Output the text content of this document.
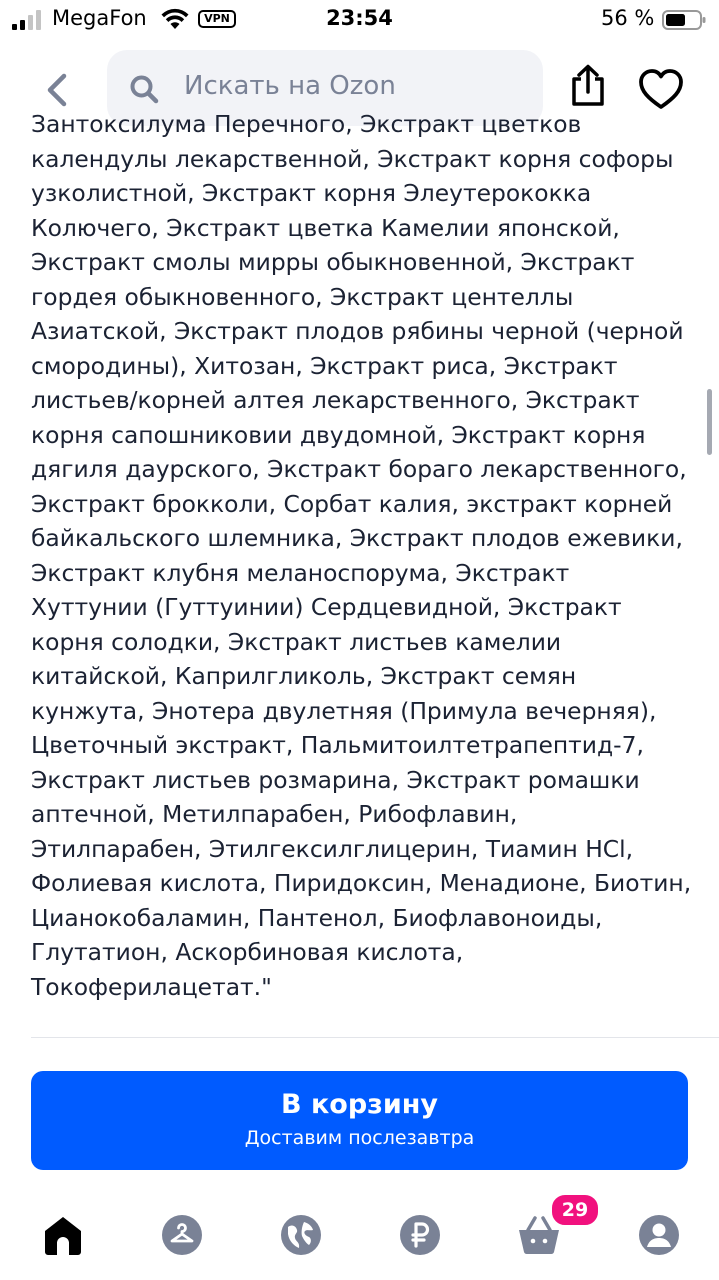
MegaFon	VPN	23:54	56 %
Искать на Ozon
Зантоксилума Перечного, Экстракт цветков календулы лекарственной, Экстракт корня софоры узколистной, Экстракт корня Элеутерококка Колючего, Экстракт цветка Камелии японской, Экстракт смолы мирры обыкновенной, Экстракт гордея обыкновенного, Экстракт центеллы Азиатской, Экстракт плодов рябины черной (черной смородины), Хитозан, Экстракт риса, Экстракт листьев/корней алтея лекарственного, Экстракт корня сапошниковии двудомной, Экстракт корня дягиля даурского, Экстракт бораго лекарственного, Экстракт брокколи, Сорбат калия, экстракт корней байкальского шлемника, Экстракт плодов ежевики, Экстракт клубня меланоспорума, Экстракт Хуттунии (Гуттуинии) Сердцевидной, Экстракт корня солодки, Экстракт листьев камелии китайской, Каприлгликоль, Экстракт семян кунжута, Энотера двулетняя (Примула вечерняя), Цветочный экстракт, Пальмитоилтетрапептид-7, Экстракт листьев розмарина, Экстракт ромашки аптечной, Метилпарабен, Рибофлавин, Этилпарабен, Этилгексилглицерин, Тиамин HCl, Фолиевая кислота, Пиридоксин, Менадионе, Биотин, Цианокобаламин, Пантенол, Биофлавоноиды, Глутатион, Аскорбиновая кислота, Токоферилацетат."
В корзину
Доставим послезавтра
29
